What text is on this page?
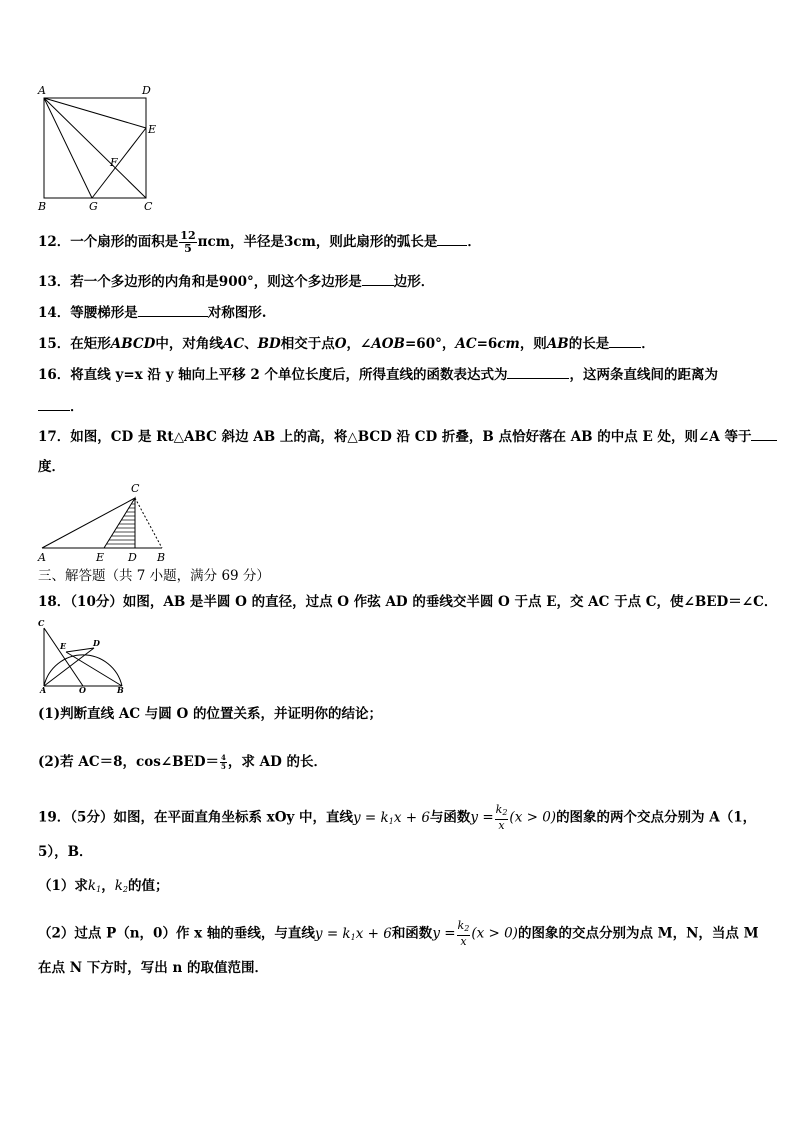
A	D
E
F
B	G	C
12．一个扇形的面积是 $\frac{12}{5}$ πcm，半径是3cm，则此扇形的弧长是 ．
13．若一个多边形的内角和是900°，则这个多边形是 边形．
14．等腰梯形是	对称图形.
15．在矩形ABCD中，对角线AC、BD相交于点O，∠AOB=60°，AC=6cm，则AB的长是 ．
16．将直线 y=x 沿 y 轴向上平移 2 个单位长度后，所得直线的函数表达式为	，这两条直线间的距离为
．
17．如图，CD 是 Rt△ABC 斜边 AB 上的高，将△BCD 沿 CD 折叠，B 点恰好落在 AB 的中点 E 处，则∠A 等于
度．
C
A	E D B
三、解答题（共 7 小题，满分 69 分）
18．（10分）如图，AB 是半圆 O 的直径，过点 O 作弦 AD 的垂线交半圆 O 于点 E，交 AC 于点 C，使∠BED＝∠C．
C
E	D
A	O	B
(1)判断直线 AC 与圆 O 的位置关系，并证明你的结论；
(2)若 AC＝8，cos∠BED＝ $\frac{4}{5}$ ，求 AD 的长．
19．（5分）如图，在平面直角坐标系 xOy 中，直线$y = k_1x + 6$与函数$y = \frac{k_2}{x} (x > 0)$的图象的两个交点分别为 A（1，
5），B．
（1）求$k_1$，$k_2$的值；
（2）过点 P（n，0）作 x 轴的垂线，与直线$y = k_1x + 6$和函数$y = \frac{k_2}{x} (x > 0)$的图象的交点分别为点 M，N，当点 M
在点 N 下方时，写出 n 的取值范围．
